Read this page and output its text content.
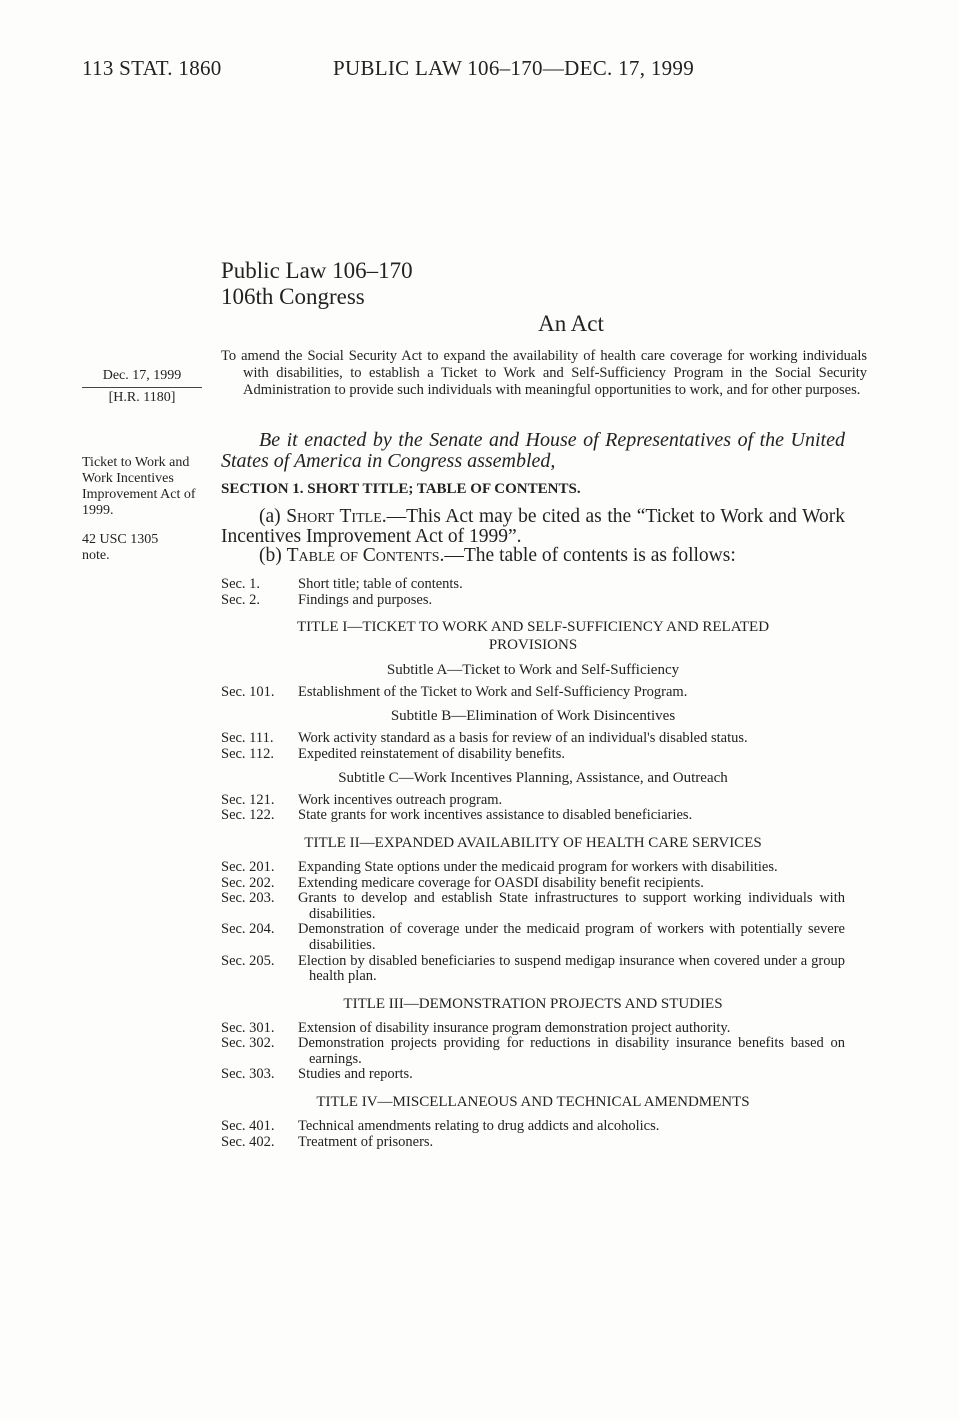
113 STAT. 1860	PUBLIC LAW 106–170—DEC. 17, 1999
Public Law 106–170
106th Congress
An Act
Dec. 17, 1999
[H.R. 1180]
To amend the Social Security Act to expand the availability of health care coverage for working individuals with disabilities, to establish a Ticket to Work and Self-Sufficiency Program in the Social Security Administration to provide such individuals with meaningful opportunities to work, and for other purposes.
Ticket to Work and Work Incentives Improvement Act of 1999.
42 USC 1305 note.
Be it enacted by the Senate and House of Representatives of the United States of America in Congress assembled,
SECTION 1. SHORT TITLE; TABLE OF CONTENTS.
(a) Short Title.—This Act may be cited as the “Ticket to Work and Work Incentives Improvement Act of 1999”.
(b) Table of Contents.—The table of contents is as follows:
Sec. 1.	Short title; table of contents.
Sec. 2.	Findings and purposes.
TITLE I—TICKET TO WORK AND SELF-SUFFICIENCY AND RELATED PROVISIONS
Subtitle A—Ticket to Work and Self-Sufficiency
Sec. 101.	Establishment of the Ticket to Work and Self-Sufficiency Program.
Subtitle B—Elimination of Work Disincentives
Sec. 111.	Work activity standard as a basis for review of an individual's disabled status.
Sec. 112.	Expedited reinstatement of disability benefits.
Subtitle C—Work Incentives Planning, Assistance, and Outreach
Sec. 121.	Work incentives outreach program.
Sec. 122.	State grants for work incentives assistance to disabled beneficiaries.
TITLE II—EXPANDED AVAILABILITY OF HEALTH CARE SERVICES
Sec. 201.	Expanding State options under the medicaid program for workers with disabilities.
Sec. 202.	Extending medicare coverage for OASDI disability benefit recipients.
Sec. 203.	Grants to develop and establish State infrastructures to support working individuals with disabilities.
Sec. 204.	Demonstration of coverage under the medicaid program of workers with potentially severe disabilities.
Sec. 205.	Election by disabled beneficiaries to suspend medigap insurance when covered under a group health plan.
TITLE III—DEMONSTRATION PROJECTS AND STUDIES
Sec. 301.	Extension of disability insurance program demonstration project authority.
Sec. 302.	Demonstration projects providing for reductions in disability insurance benefits based on earnings.
Sec. 303.	Studies and reports.
TITLE IV—MISCELLANEOUS AND TECHNICAL AMENDMENTS
Sec. 401.	Technical amendments relating to drug addicts and alcoholics.
Sec. 402.	Treatment of prisoners.
